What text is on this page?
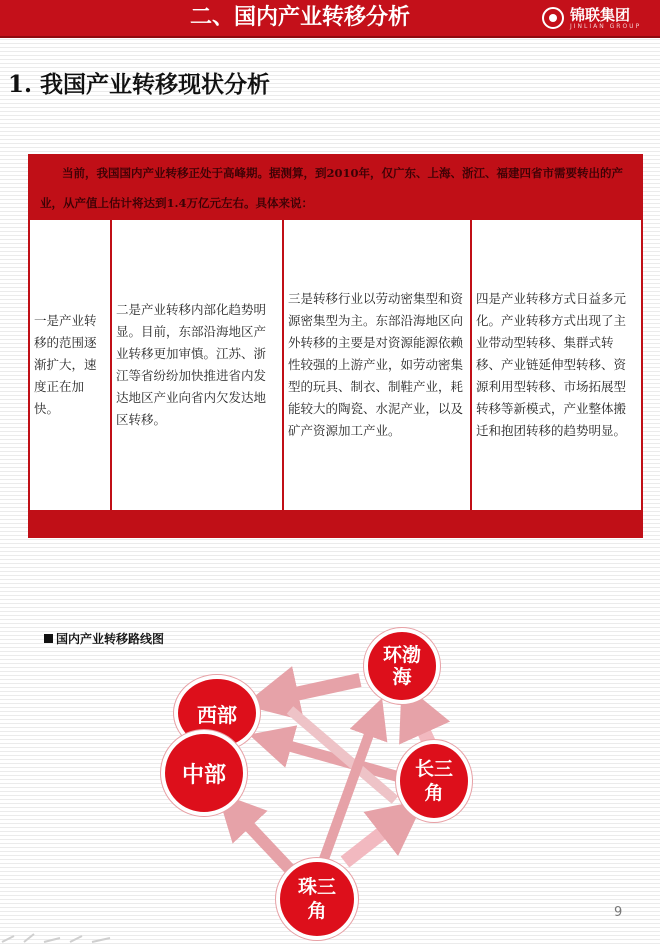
二、国内产业转移分析	锦联集团
JINLIAN GROUP
1. 我国产业转移现状分析
当前，我国国内产业转移正处于高峰期。据测算，到2010年，仅广东、上海、浙江、福建四省市需要转出的产业，从产值上估计将达到1.4万亿元左右。具体来说：
一是产业转移的范围逐渐扩大，速度正在加快。
二是产业转移内部化趋势明显。目前，东部沿海地区产业转移更加审慎。江苏、浙江等省纷纷加快推进省内发达地区产业向省内欠发达地区转移。
三是转移行业以劳动密集型和资源密集型为主。东部沿海地区向外转移的主要是对资源能源依赖性较强的上游产业，如劳动密集型的玩具、制衣、制鞋产业，耗能较大的陶瓷、水泥产业，以及矿产资源加工产业。
四是产业转移方式日益多元化。产业转移方式出现了主业带动型转移、集群式转移、产业链延伸型转移、资源利用型转移、市场拓展型转移等新模式，产业整体搬迁和抱团转移的趋势明显。
国内产业转移路线图
环渤海
西部
中部	长三角
珠三角	9
